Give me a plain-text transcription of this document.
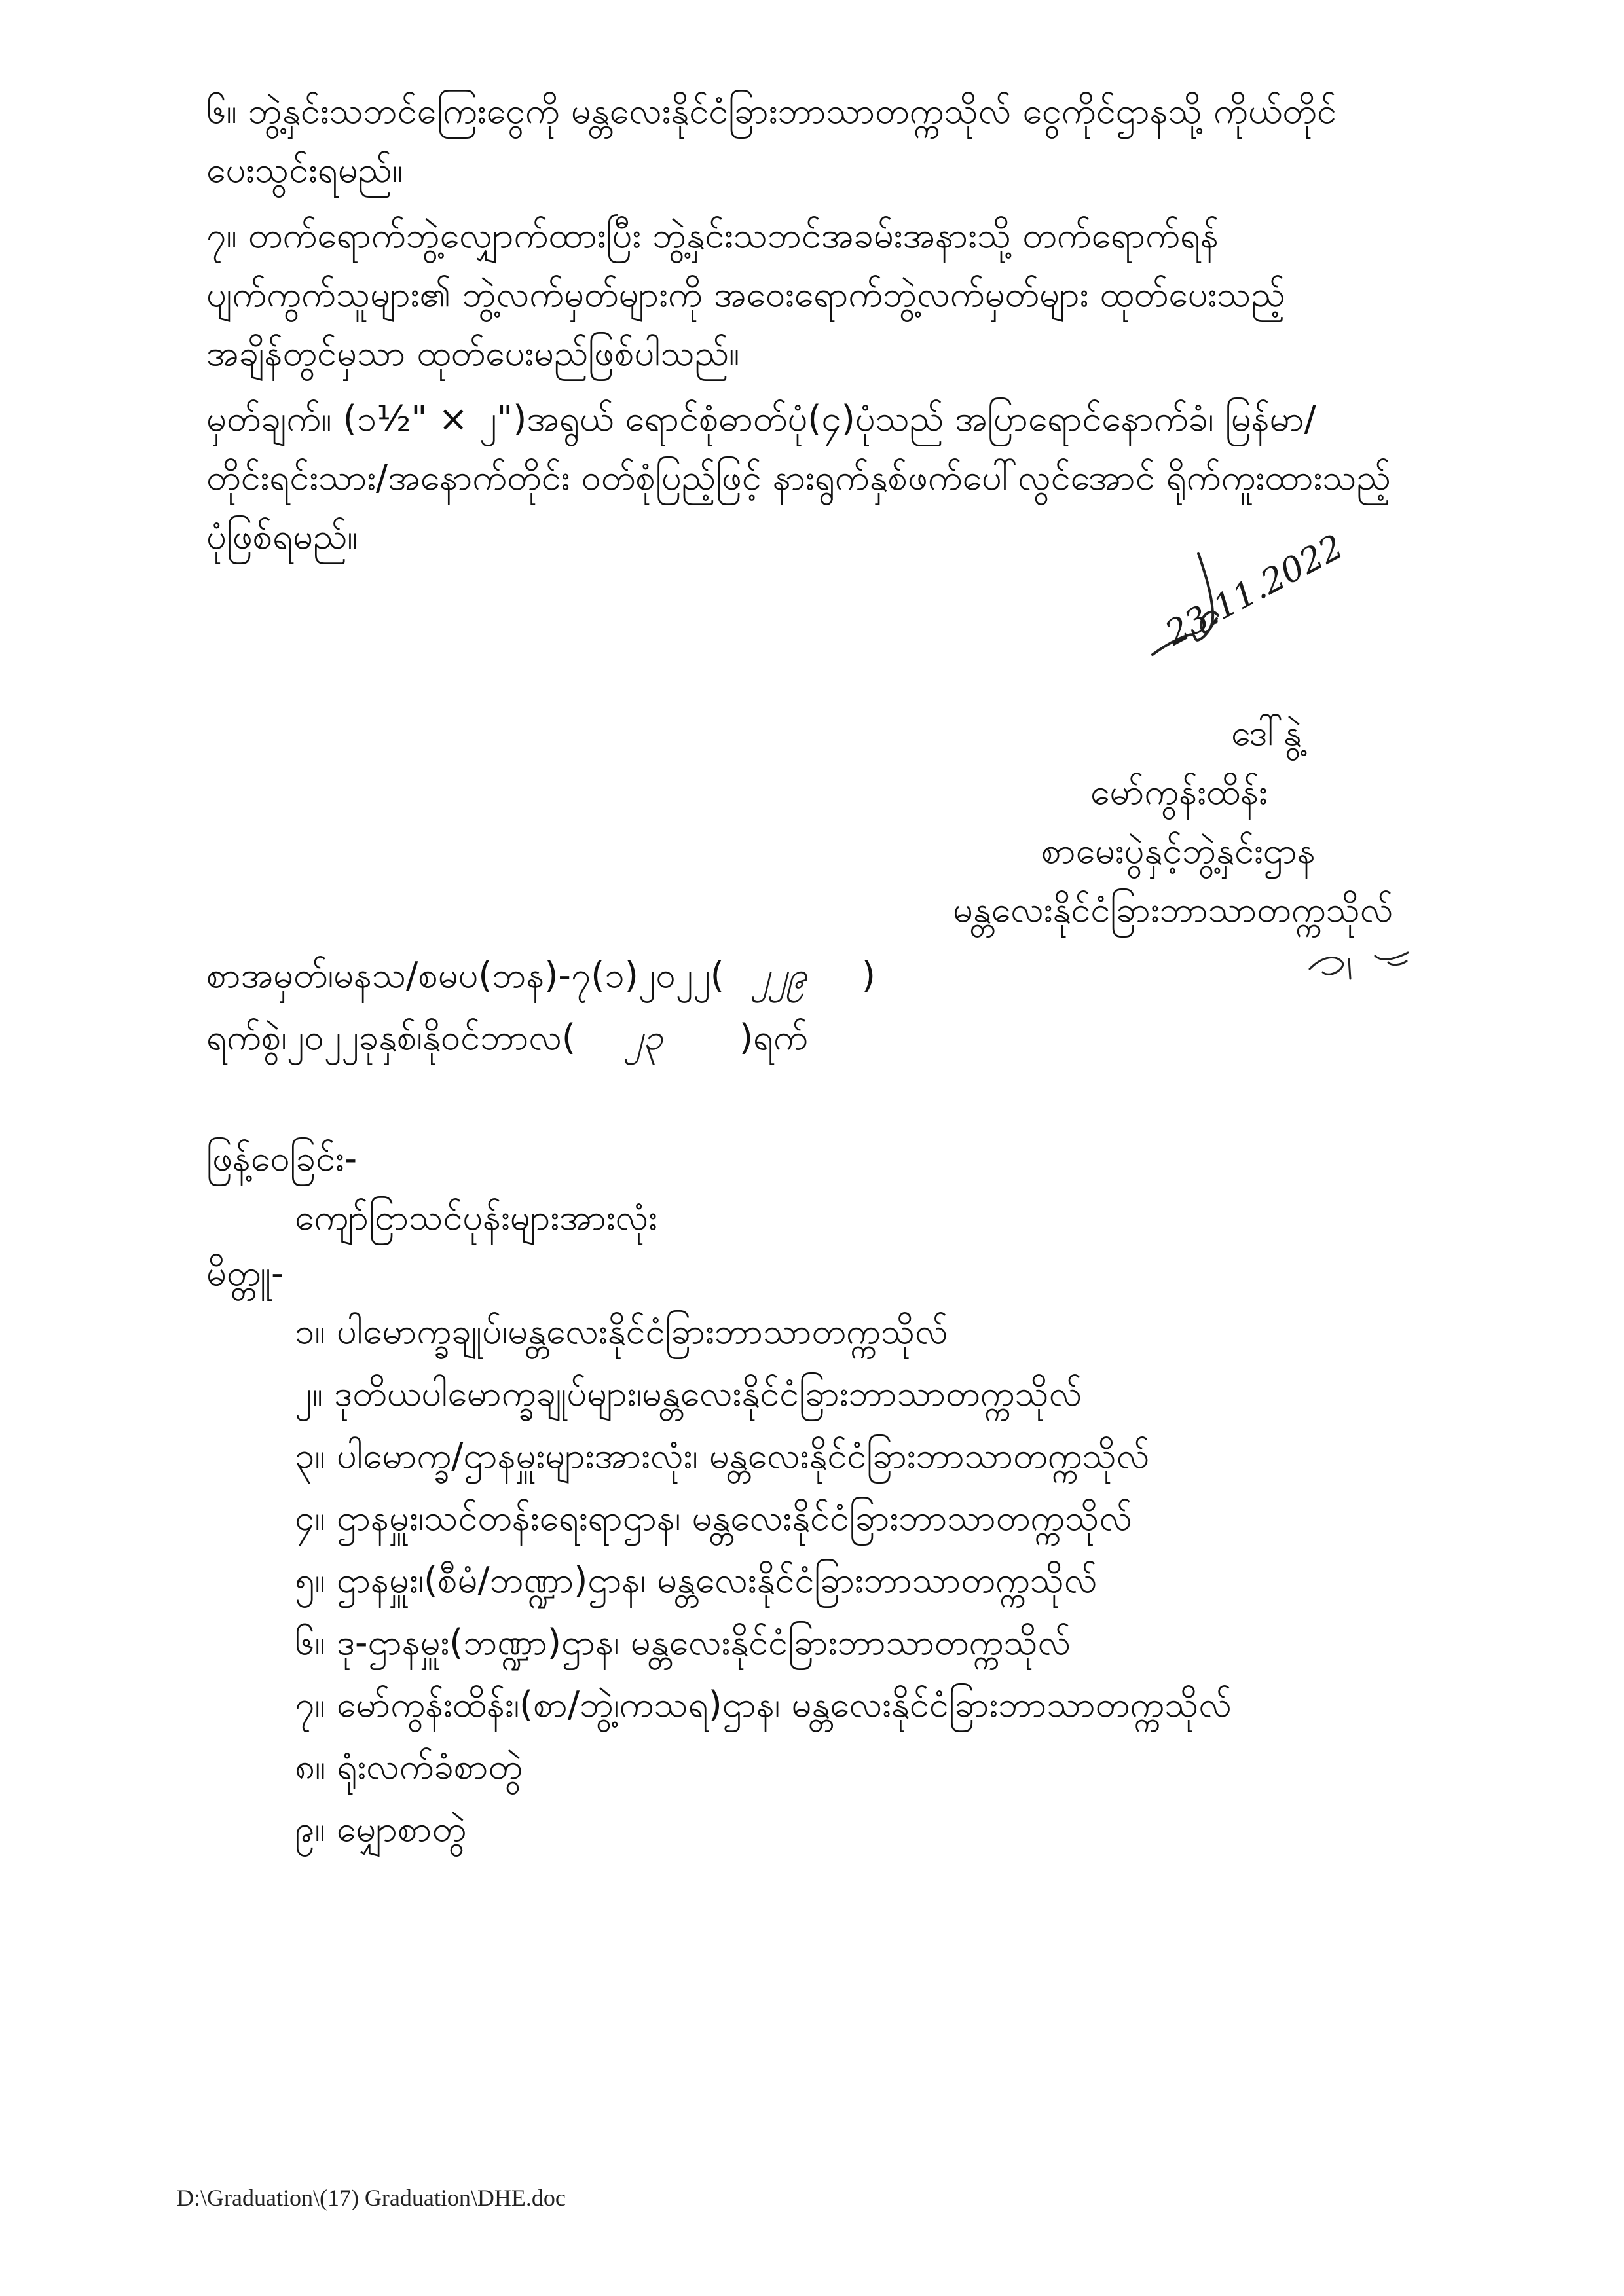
၆။ ဘွဲ့နှင်းသဘင်ကြေးငွေကို မန္တလေးနိုင်ငံခြားဘာသာတက္ကသိုလ် ငွေကိုင်ဌာနသို့ ကိုယ်တိုင်
ပေးသွင်းရမည်။
၇။ တက်ရောက်ဘွဲ့လျှောက်ထားပြီး ဘွဲ့နှင်းသဘင်အခမ်းအနားသို့ တက်ရောက်ရန်
ပျက်ကွက်သူများ၏ ဘွဲ့လက်မှတ်များကို အဝေးရောက်ဘွဲ့လက်မှတ်များ ထုတ်ပေးသည့်
အချိန်တွင်မှသာ ထုတ်ပေးမည်ဖြစ်ပါသည်။
မှတ်ချက်။ (၁½" × ၂")အရွယ် ရောင်စုံဓာတ်ပုံ(၄)ပုံသည် အပြာရောင်နောက်ခံ၊ မြန်မာ/
တိုင်းရင်းသား/အနောက်တိုင်း ဝတ်စုံပြည့်ဖြင့် နားရွက်နှစ်ဖက်ပေါ်လွင်အောင် ရိုက်ကူးထားသည့်
ပုံဖြစ်ရမည်။	23.11.2022
ဒေါ်နွဲ့
မော်ကွန်းထိန်း
စာမေးပွဲနှင့်ဘွဲ့နှင်းဌာန
မန္တလေးနိုင်ငံခြားဘာသာတက္ကသိုလ်
စာအမှတ်၊မနသ/စမပ(ဘန)-၇(၁)၂၀၂၂( ၂၂၉ )
ရက်စွဲ၊၂၀၂၂ခုနှစ်၊နိုဝင်ဘာလ( ၂၃ )ရက်
ဖြန့်ဝေခြင်း-
ကျော်ငြာသင်ပုန်းများအားလုံး
မိတ္တူ-
၁။ ပါမောက္ခချုပ်၊မန္တလေးနိုင်ငံခြားဘာသာတက္ကသိုလ်
၂။ ဒုတိယပါမောက္ခချုပ်များ၊မန္တလေးနိုင်ငံခြားဘာသာတက္ကသိုလ်
၃။ ပါမောက္ခ/ဌာနမှူးများအားလုံး၊ မန္တလေးနိုင်ငံခြားဘာသာတက္ကသိုလ်
၄။ ဌာနမှူး၊သင်တန်းရေးရာဌာန၊ မန္တလေးနိုင်ငံခြားဘာသာတက္ကသိုလ်
၅။ ဌာနမှူး၊(စီမံ/ဘဏ္ဍာ)ဌာန၊ မန္တလေးနိုင်ငံခြားဘာသာတက္ကသိုလ်
၆။ ဒု-ဌာနမှူး(ဘဏ္ဍာ)ဌာန၊ မန္တလေးနိုင်ငံခြားဘာသာတက္ကသိုလ်
၇။ မော်ကွန်းထိန်း၊(စာ/ဘွဲ့၊ကသရ)ဌာန၊ မန္တလေးနိုင်ငံခြားဘာသာတက္ကသိုလ်
၈။ ရုံးလက်ခံစာတွဲ
၉။ မျှောစာတွဲ
D:\Graduation\(17) Graduation\DHE.doc
